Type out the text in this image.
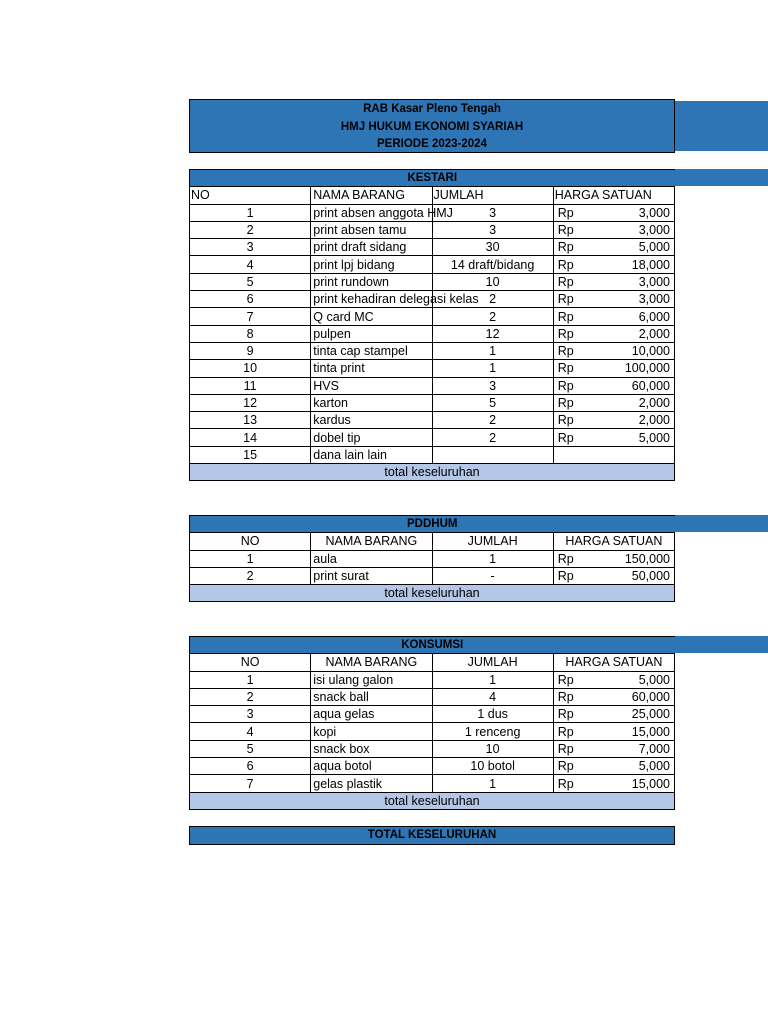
RAB Kasar Pleno Tengah
HMJ HUKUM EKONOMI SYARIAH
PERIODE 2023-2024
KESTARI			
NO	NAMA BARANG	JUMLAH	HARGA SATUAN
1	print absen anggota HMJ	3	Rp 3,000

2	print absen tamu	3	Rp 3,000

3	print draft sidang	30	Rp 5,000

4	print lpj bidang	14 draft/bidang	Rp 18,000

5	print rundown	10	Rp 3,000

6	print kehadiran delegasi kelas	2	Rp 3,000

7	Q card MC	2	Rp 6,000

8	pulpen	12	Rp 2,000

9	tinta cap stampel	1	Rp 10,000

10	tinta print	1	Rp 100,000

11	HVS	3	Rp 60,000

12	karton	5	Rp 2,000

13	kardus	2	Rp 2,000

14	dobel tip	2	Rp 5,000

15	dana lain lain		
total keseluruhan			
PDDHUM			
NO	NAMA BARANG	JUMLAH	HARGA SATUAN
1	aula	1	Rp 150,000

2	print surat	-	Rp 50,000

total keseluruhan			
KONSUMSI			
NO	NAMA BARANG	JUMLAH	HARGA SATUAN
1	isi ulang galon	1	Rp 5,000

2	snack ball	4	Rp 60,000

3	aqua gelas	1 dus	Rp 25,000

4	kopi	1 renceng	Rp 15,000

5	snack box	10	Rp 7,000

6	aqua botol	10 botol	Rp 5,000

7	gelas plastik	1	Rp 15,000

total keseluruhan			
TOTAL KESELURUHAN
